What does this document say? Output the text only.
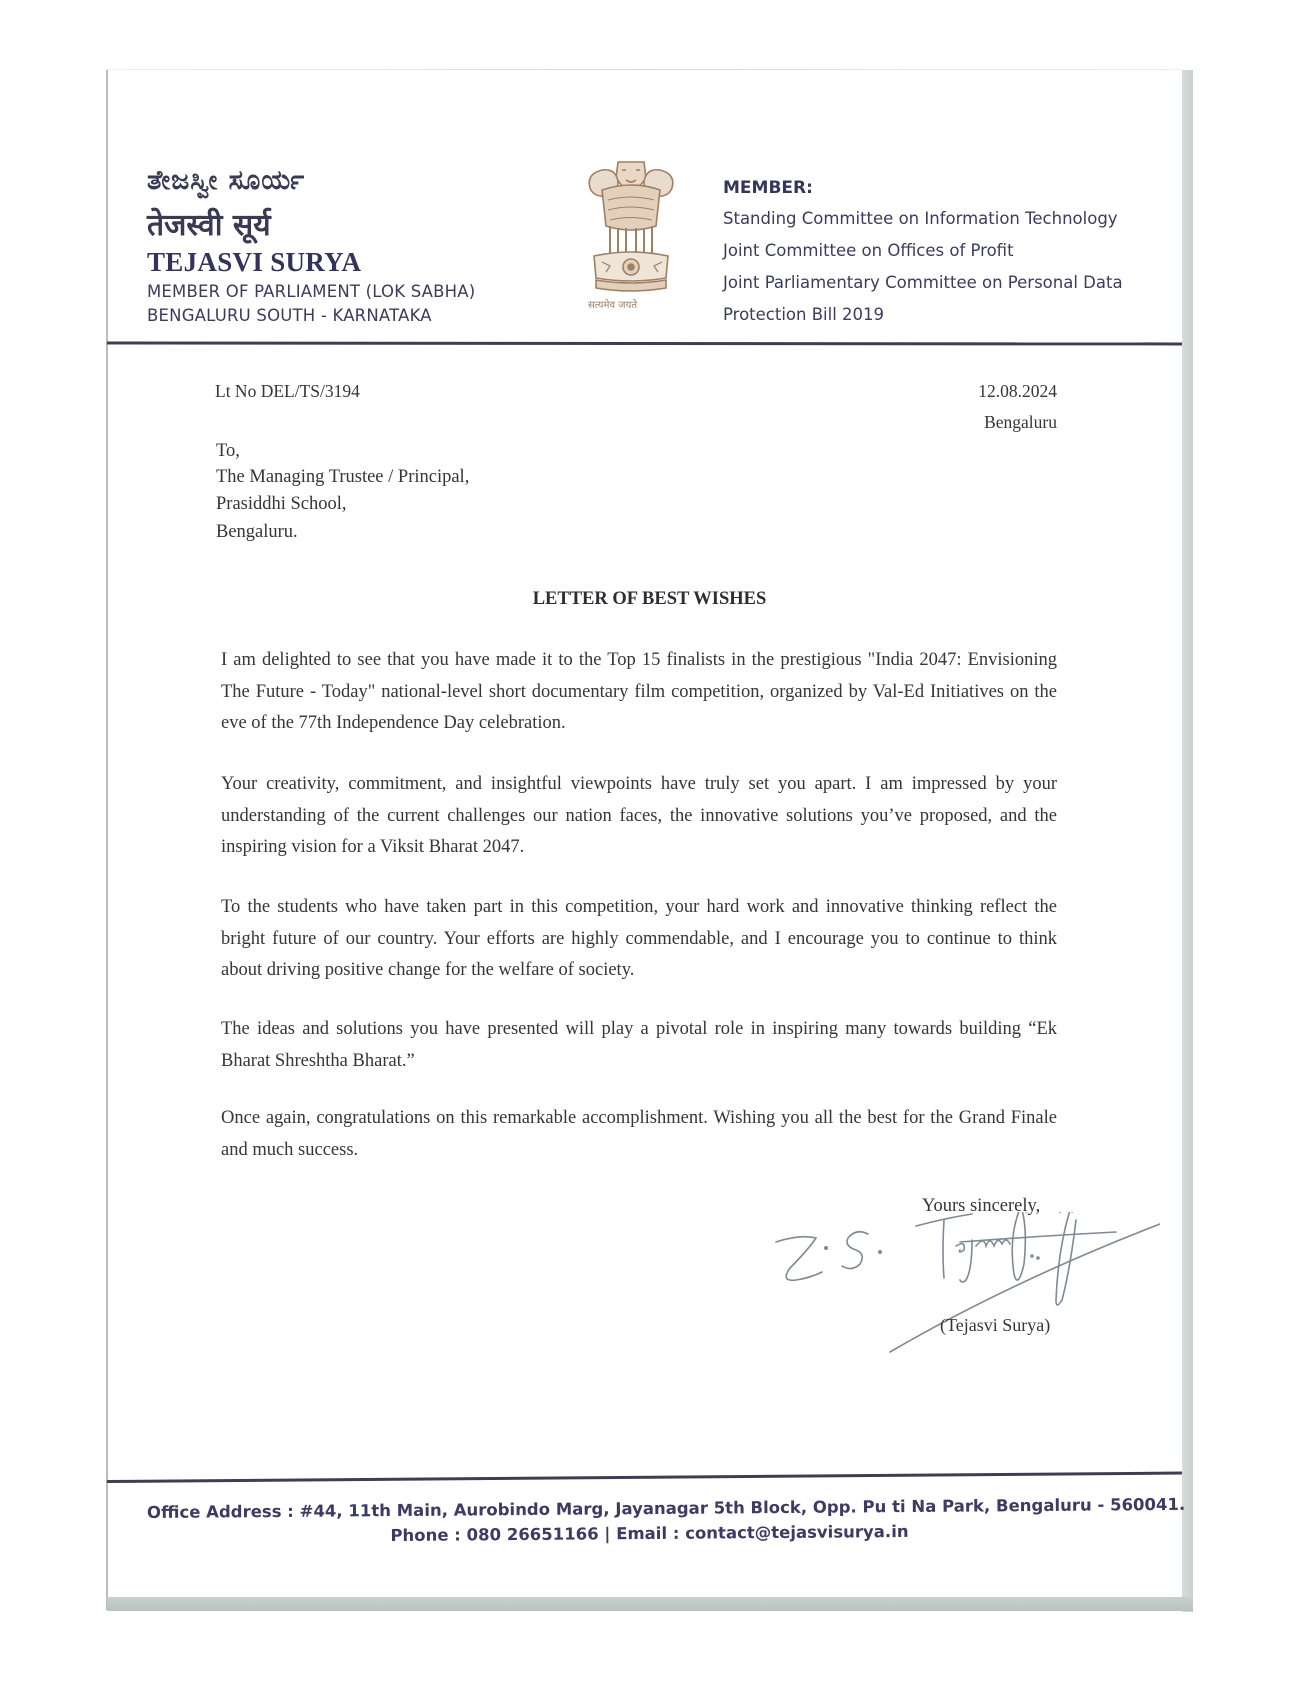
ತೇಜಸ್ವೀ ಸೂರ್ಯ
तेजस्वी सूर्य
TEJASVI SURYA
MEMBER OF PARLIAMENT (LOK SABHA)
BENGALURU SOUTH - KARNATAKA
सत्यमेव जयते
MEMBER:
Standing Committee on Information Technology
Joint Committee on Offices of Profit
Joint Parliamentary Committee on Personal Data
Protection Bill 2019
Lt No DEL/TS/3194	12.08.2024
Bengaluru
To,
The Managing Trustee / Principal,
Prasiddhi School,
Bengaluru.
LETTER OF BEST WISHES
I am delighted to see that you have made it to the Top 15 finalists in the prestigious "India 2047: Envisioning The Future - Today" national-level short documentary film competition, organized by Val-Ed Initiatives on the eve of the 77th Independence Day celebration.
Your creativity, commitment, and insightful viewpoints have truly set you apart. I am impressed by your understanding of the current challenges our nation faces, the innovative solutions you’ve proposed, and the inspiring vision for a Viksit Bharat 2047.
To the students who have taken part in this competition, your hard work and innovative thinking reflect the bright future of our country. Your efforts are highly commendable, and I encourage you to continue to think about driving positive change for the welfare of society.
The ideas and solutions you have presented will play a pivotal role in inspiring many towards building “Ek Bharat Shreshtha Bharat.”
Once again, congratulations on this remarkable accomplishment. Wishing you all the best for the Grand Finale and much success.
Yours sincerely,
(Tejasvi Surya)
Office Address : #44, 11th Main, Aurobindo Marg, Jayanagar 5th Block, Opp. Pu ti Na Park, Bengaluru - 560041.
Phone : 080 26651166 | Email : contact@tejasvisurya.in
